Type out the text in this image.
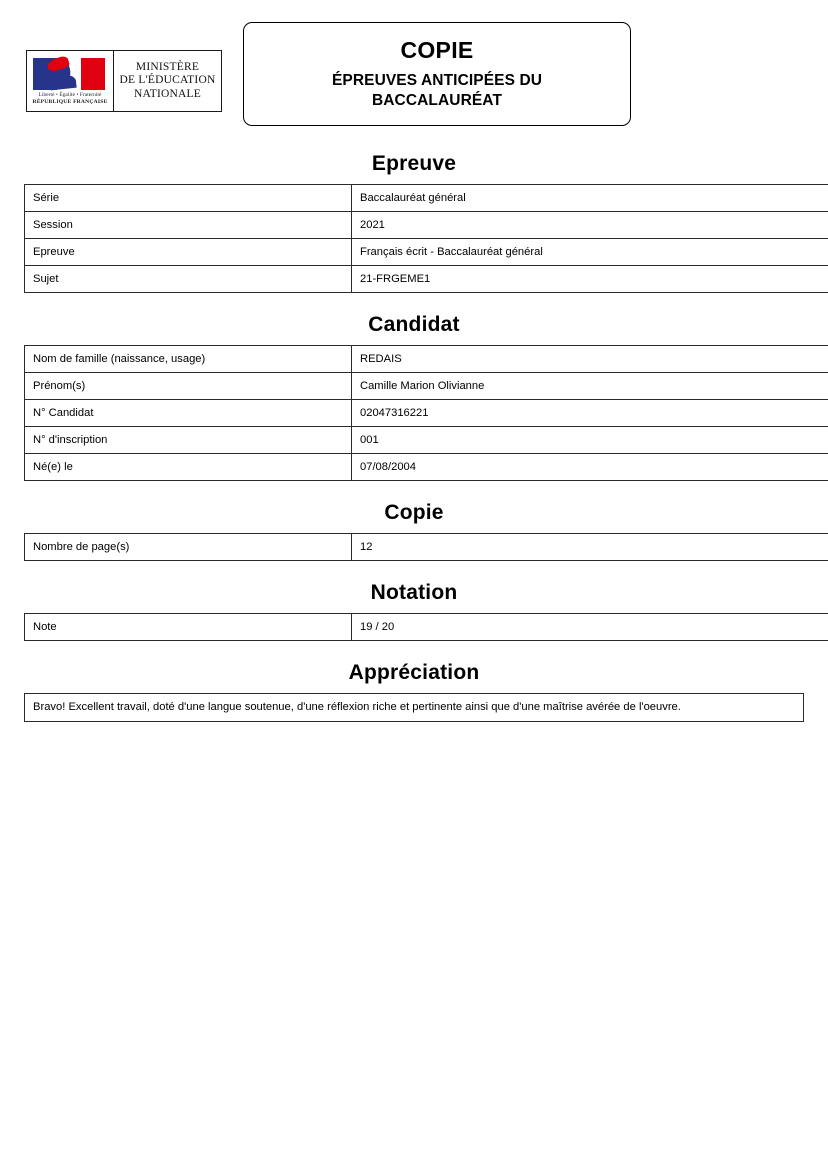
Liberté • Égalité • Fraternité
RÉPUBLIQUE FRANÇAISE
MINISTÈRE
DE L'ÉDUCATION
NATIONALE
COPIE
ÉPREUVES ANTICIPÉES DU
BACCALAURÉAT
Epreuve
Série	Baccalauréat général
Session	2021
Epreuve	Français écrit - Baccalauréat général
Sujet	21-FRGEME1
Candidat
Nom de famille (naissance, usage)	REDAIS
Prénom(s)	Camille Marion Olivianne
N° Candidat	02047316221
N° d'inscription	001
Né(e) le	07/08/2004
Copie
Nombre de page(s)	12
Notation
Note	19 / 20
Appréciation
Bravo! Excellent travail, doté d'une langue soutenue, d'une réflexion riche et pertinente ainsi que d'une maîtrise avérée de l'oeuvre.
